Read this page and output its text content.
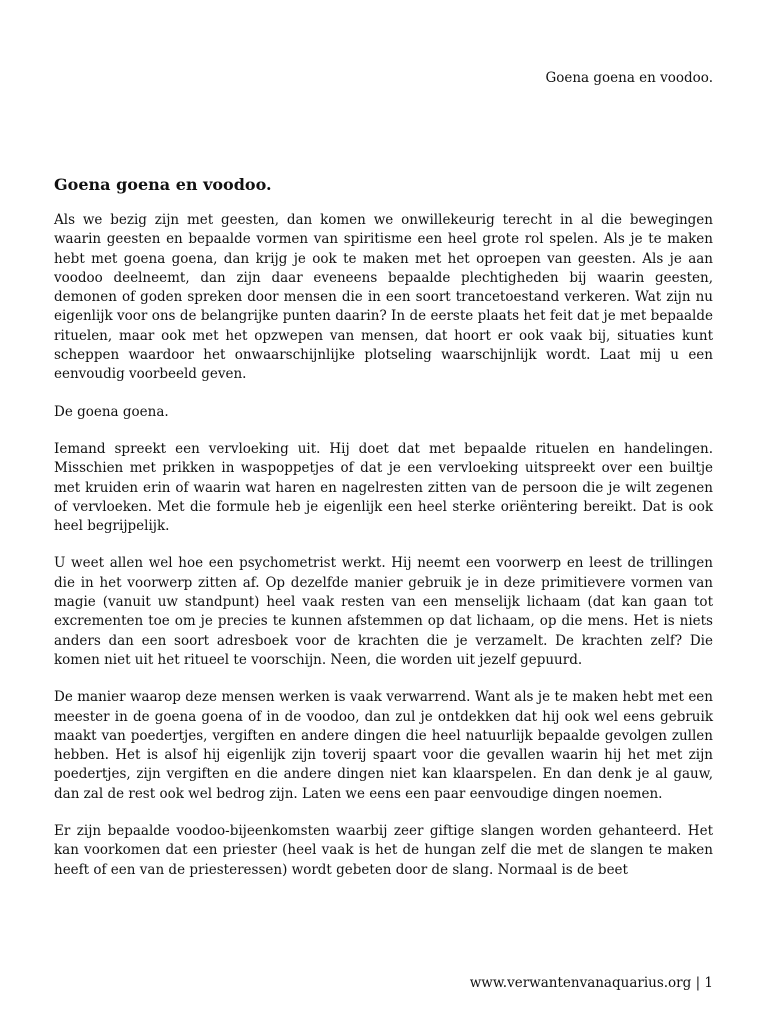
Goena goena en voodoo.
Goena goena en voodoo.

Als we bezig zijn met geesten, dan komen we onwillekeurig terecht in al die bewegingen waarin geesten en bepaalde vormen van spiritisme een heel grote rol spelen. Als je te maken hebt met goena goena, dan krijg je ook te maken met het oproepen van geesten. Als je aan voodoo deelneemt, dan zijn daar eveneens bepaalde plechtigheden bij waarin geesten, demonen of goden spreken door mensen die in een soort trancetoestand verkeren. Wat zijn nu eigenlijk voor ons de belangrijke punten daarin? In de eerste plaats het feit dat je met bepaalde rituelen, maar ook met het opzwepen van mensen, dat hoort er ook vaak bij, situaties kunt scheppen waardoor het onwaarschijnlijke plotseling waarschijnlijk wordt. Laat mij u een eenvoudig voorbeeld geven.

De goena goena.

Iemand spreekt een vervloeking uit. Hij doet dat met bepaalde rituelen en handelingen. Misschien met prikken in waspoppetjes of dat je een vervloeking uitspreekt over een builtje met kruiden erin of waarin wat haren en nagelresten zitten van de persoon die je wilt zegenen of vervloeken. Met die formule heb je eigenlijk een heel sterke oriëntering bereikt. Dat is ook heel begrijpelijk.

U weet allen wel hoe een psychometrist werkt. Hij neemt een voorwerp en leest de trillingen die in het voorwerp zitten af. Op dezelfde manier gebruik je in deze primitievere vormen van magie (vanuit uw standpunt) heel vaak resten van een menselijk lichaam (dat kan gaan tot excrementen toe om je precies te kunnen afstemmen op dat lichaam, op die mens. Het is niets anders dan een soort adresboek voor de krachten die je verzamelt. De krachten zelf? Die komen niet uit het ritueel te voorschijn. Neen, die worden uit jezelf gepuurd.

De manier waarop deze mensen werken is vaak verwarrend. Want als je te maken hebt met een meester in de goena goena of in de voodoo, dan zul je ontdekken dat hij ook wel eens gebruik maakt van poedertjes, vergiften en andere dingen die heel natuurlijk bepaalde gevolgen zullen hebben. Het is alsof hij eigenlijk zijn toverij spaart voor die gevallen waarin hij het met zijn poedertjes, zijn vergiften en die andere dingen niet kan klaarspelen. En dan denk je al gauw, dan zal de rest ook wel bedrog zijn. Laten we eens een paar eenvoudige dingen noemen.

Er zijn bepaalde voodoo-bijeenkomsten waarbij zeer giftige slangen worden gehanteerd. Het kan voorkomen dat een priester (heel vaak is het de hungan zelf die met de slangen te maken heeft of een van de priesteressen) wordt gebeten door de slang. Normaal is de beet

www.verwantenvanaquarius.org | 1
